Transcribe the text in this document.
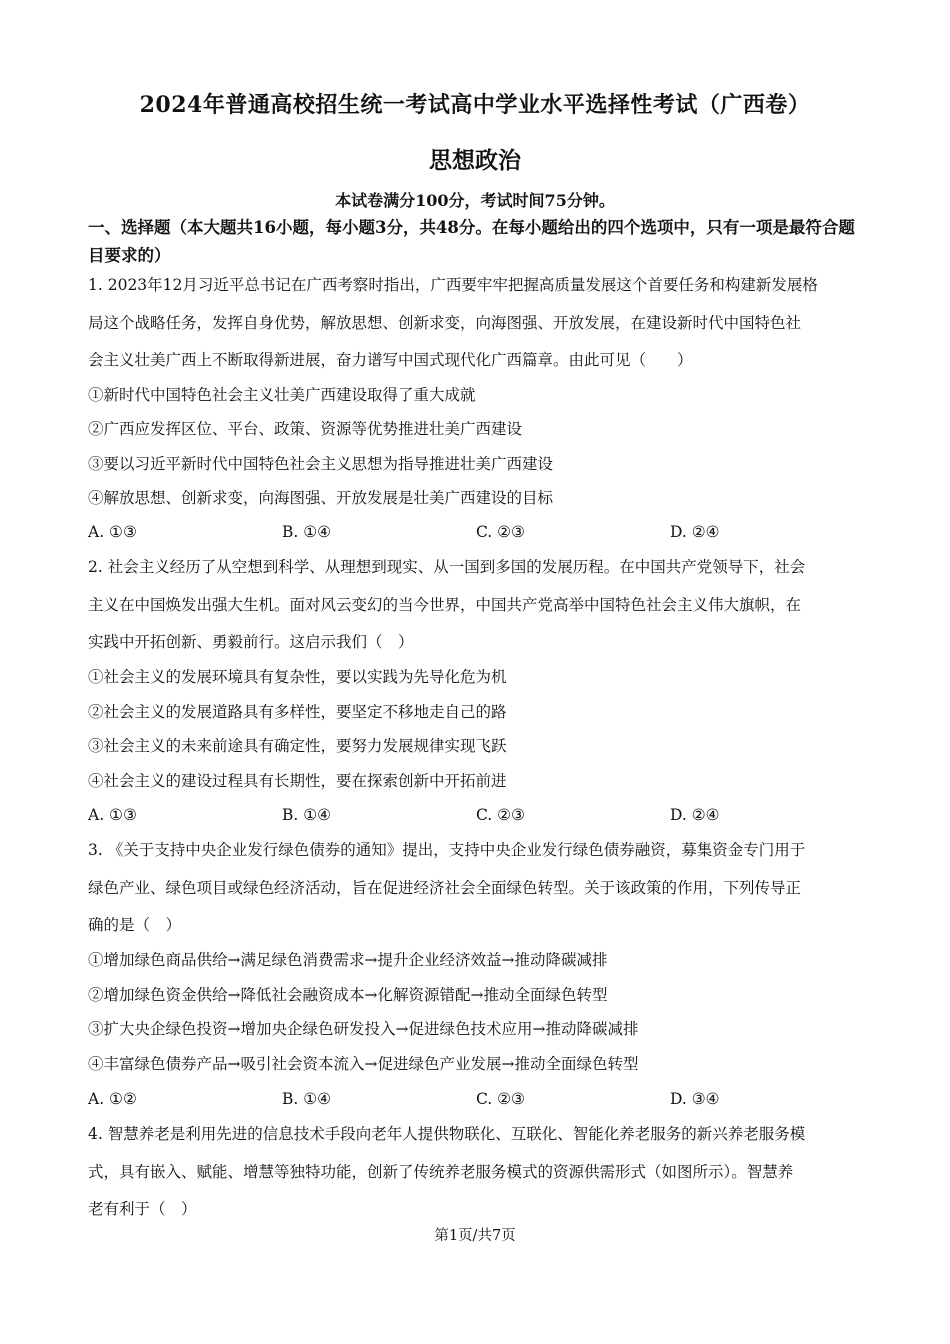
2024年普通高校招生统一考试高中学业水平选择性考试（广西卷）
思想政治
本试卷满分100分，考试时间75分钟。
一、选择题（本大题共16小题，每小题3分，共48分。在每小题给出的四个选项中，只有一项是最符合题目要求的）
1. 2023年12月习近平总书记在广西考察时指出，广西要牢牢把握高质量发展这个首要任务和构建新发展格
局这个战略任务，发挥自身优势，解放思想、创新求变，向海图强、开放发展，在建设新时代中国特色社
会主义壮美广西上不断取得新进展，奋力谱写中国式现代化广西篇章。由此可见（　　）
①新时代中国特色社会主义壮美广西建设取得了重大成就
②广西应发挥区位、平台、政策、资源等优势推进壮美广西建设
③要以习近平新时代中国特色社会主义思想为指导推进壮美广西建设
④解放思想、创新求变，向海图强、开放发展是壮美广西建设的目标
A. ①③	B. ①④	C. ②③	D. ②④
2. 社会主义经历了从空想到科学、从理想到现实、从一国到多国的发展历程。在中国共产党领导下，社会
主义在中国焕发出强大生机。面对风云变幻的当今世界，中国共产党高举中国特色社会主义伟大旗帜，在
实践中开拓创新、勇毅前行。这启示我们（　）
①社会主义的发展环境具有复杂性，要以实践为先导化危为机
②社会主义的发展道路具有多样性，要坚定不移地走自己的路
③社会主义的未来前途具有确定性，要努力发展规律实现飞跃
④社会主义的建设过程具有长期性，要在探索创新中开拓前进
A. ①③	B. ①④	C. ②③	D. ②④
3. 《关于支持中央企业发行绿色债券的通知》提出，支持中央企业发行绿色债券融资，募集资金专门用于
绿色产业、绿色项目或绿色经济活动，旨在促进经济社会全面绿色转型。关于该政策的作用，下列传导正
确的是（　）
①增加绿色商品供给→满足绿色消费需求→提升企业经济效益→推动降碳减排
②增加绿色资金供给→降低社会融资成本→化解资源错配→推动全面绿色转型
③扩大央企绿色投资→增加央企绿色研发投入→促进绿色技术应用→推动降碳减排
④丰富绿色债券产品→吸引社会资本流入→促进绿色产业发展→推动全面绿色转型
A. ①②	B. ①④	C. ②③	D. ③④
4. 智慧养老是利用先进的信息技术手段向老年人提供物联化、互联化、智能化养老服务的新兴养老服务模
式，具有嵌入、赋能、增慧等独特功能，创新了传统养老服务模式的资源供需形式（如图所示）。智慧养
老有利于（　）
第1页/共7页
